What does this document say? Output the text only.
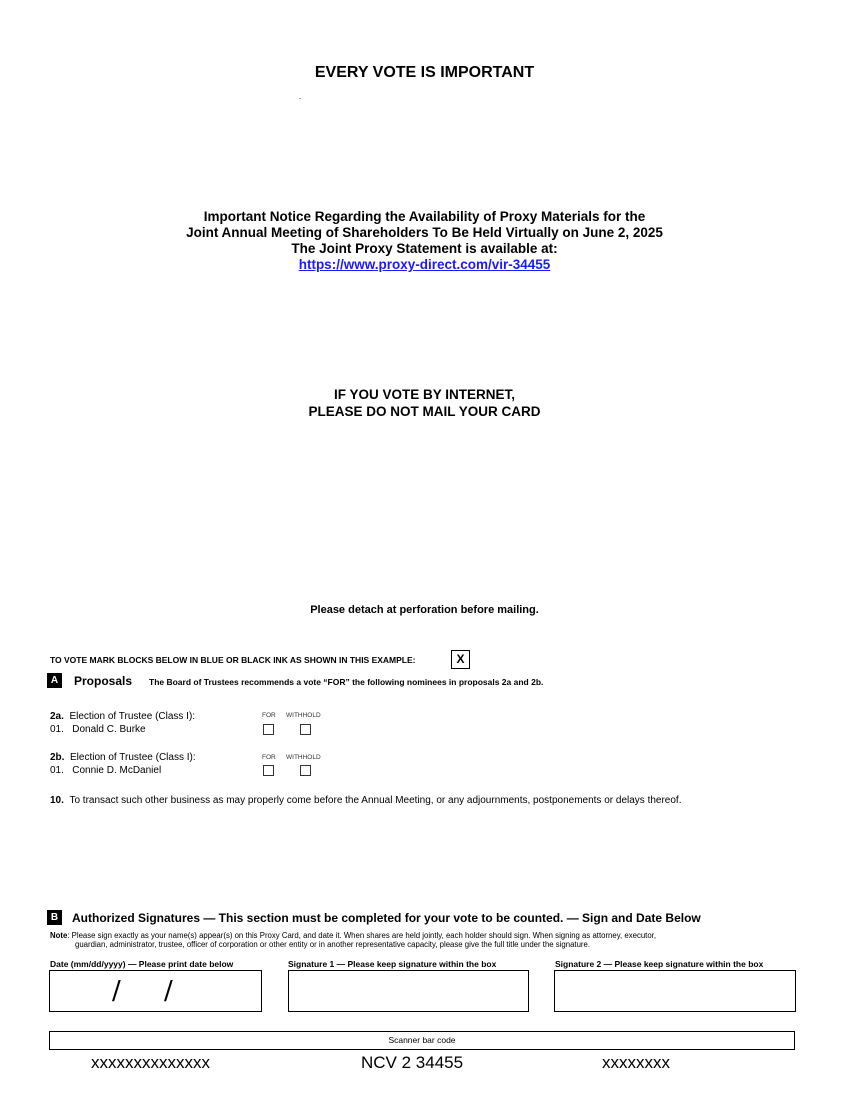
EVERY VOTE IS IMPORTANT
.
Important Notice Regarding the Availability of Proxy Materials for the
Joint Annual Meeting of Shareholders To Be Held Virtually on June 2, 2025
The Joint Proxy Statement is available at:
https://www.proxy-direct.com/vir-34455
IF YOU VOTE BY INTERNET,
PLEASE DO NOT MAIL YOUR CARD
Please detach at perforation before mailing.
TO VOTE MARK BLOCKS BELOW IN BLUE OR BLACK INK AS SHOWN IN THIS EXAMPLE:	X
A	Proposals The Board of Trustees recommends a vote “FOR” the following nominees in proposals 2a and 2b.
2a. Election of Trustee (Class I):
01. Donald C. Burke
FOR WITHHOLD
2b. Election of Trustee (Class I):
01. Connie D. McDaniel
FOR WITHHOLD
10. To transact such other business as may properly come before the Annual Meeting, or any adjournments, postponements or delays thereof.
B	Authorized Signatures — This section must be completed for your vote to be counted. — Sign and Date Below
Note: Please sign exactly as your name(s) appear(s) on this Proxy Card, and date it. When shares are held jointly, each holder should sign. When signing as attorney, executor,
guardian, administrator, trustee, officer of corporation or other entity or in another representative capacity, please give the full title under the signature.
Date (mm/dd/yyyy) — Please print date below	Signature 1 — Please keep signature within the box	Signature 2 — Please keep signature within the box
/ /
Scanner bar code
xxxxxxxxxxxxxx	NCV 2 34455	xxxxxxxx
